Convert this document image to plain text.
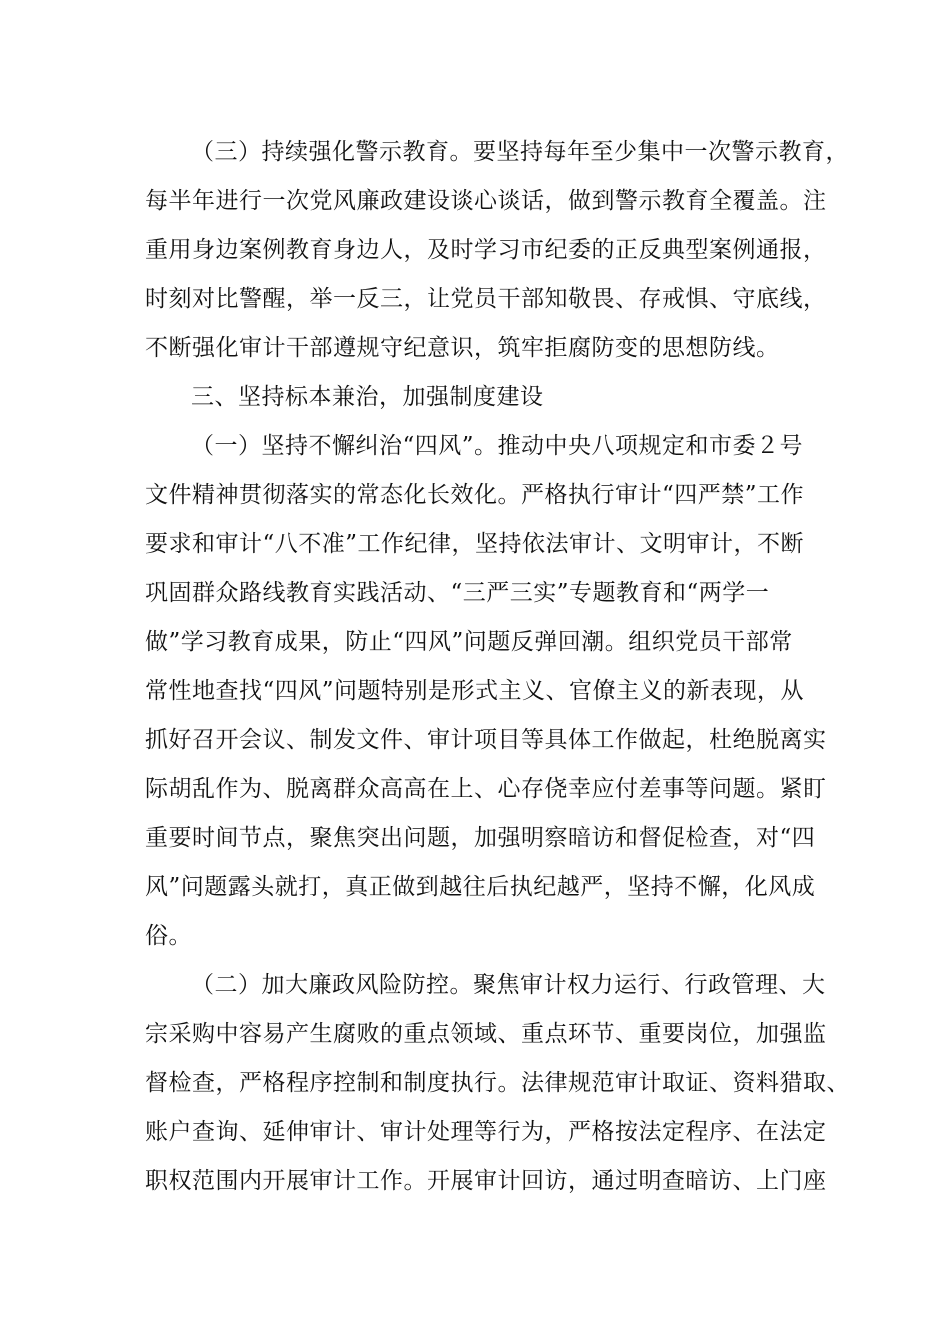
（三）持续强化警示教育。要坚持每年至少集中一次警示教育，
每半年进行一次党风廉政建设谈心谈话，做到警示教育全覆盖。注
重用身边案例教育身边人，及时学习市纪委的正反典型案例通报，
时刻对比警醒，举一反三，让党员干部知敬畏、存戒惧、守底线，
不断强化审计干部遵规守纪意识，筑牢拒腐防变的思想防线。
三、坚持标本兼治，加强制度建设
（一）坚持不懈纠治“四风”。推动中央八项规定和市委２号
文件精神贯彻落实的常态化长效化。严格执行审计“四严禁”工作
要求和审计“八不准”工作纪律，坚持依法审计、文明审计，不断
巩固群众路线教育实践活动、“三严三实”专题教育和“两学一
做”学习教育成果，防止“四风”问题反弹回潮。组织党员干部常
常性地查找“四风”问题特别是形式主义、官僚主义的新表现，从
抓好召开会议、制发文件、审计项目等具体工作做起，杜绝脱离实
际胡乱作为、脱离群众高高在上、心存侥幸应付差事等问题。紧盯
重要时间节点，聚焦突出问题，加强明察暗访和督促检查，对“四
风”问题露头就打，真正做到越往后执纪越严，坚持不懈，化风成
俗。
（二）加大廉政风险防控。聚焦审计权力运行、行政管理、大
宗采购中容易产生腐败的重点领域、重点环节、重要岗位，加强监
督检查，严格程序控制和制度执行。法律规范审计取证、资料猎取、
账户查询、延伸审计、审计处理等行为，严格按法定程序、在法定
职权范围内开展审计工作。开展审计回访，通过明查暗访、上门座
